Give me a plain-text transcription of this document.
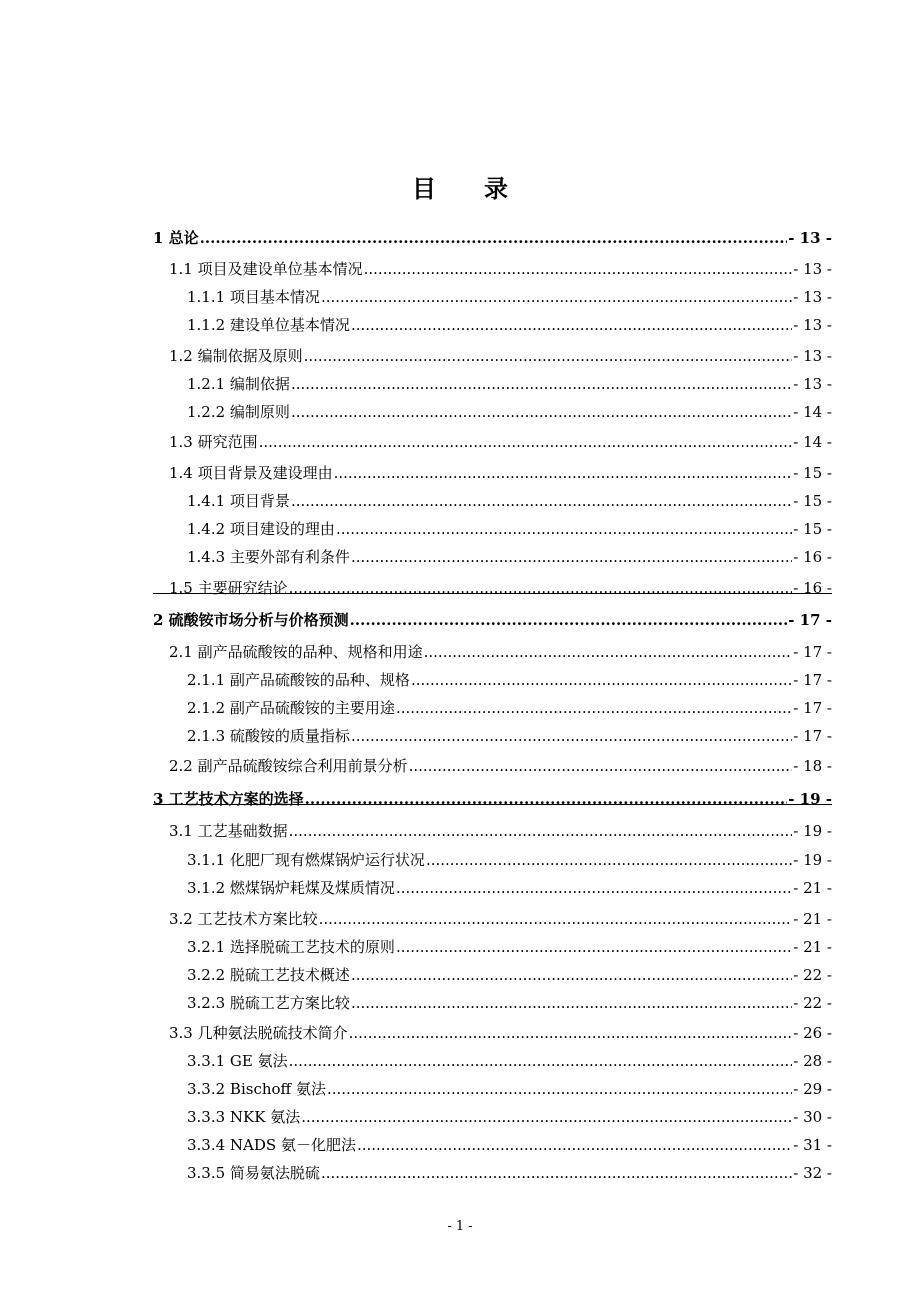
目 录
1 总论 .....	- 13 -
1.1 项目及建设单位基本情况 .....	- 13 -
1.1.1 项目基本情况 .....	- 13 -
1.1.2 建设单位基本情况 .....	- 13 -
1.2 编制依据及原则 .....	- 13 -
1.2.1 编制依据 .....	- 13 -
1.2.2 编制原则 .....	- 14 -
1.3 研究范围 .....	- 14 -
1.4 项目背景及建设理由 .....	- 15 -
1.4.1 项目背景 .....	- 15 -
1.4.2 项目建设的理由 .....	- 15 -
1.4.3 主要外部有利条件 .....	- 16 -
1.5 主要研究结论 .....	- 16 -
2 硫酸铵市场分析与价格预测 .....	- 17 -
2.1 副产品硫酸铵的品种、规格和用途 .....	- 17 -
2.1.1 副产品硫酸铵的品种、规格 .....	- 17 -
2.1.2 副产品硫酸铵的主要用途 .....	- 17 -
2.1.3 硫酸铵的质量指标 .....	- 17 -
2.2 副产品硫酸铵综合利用前景分析 .....	- 18 -
3 工艺技术方案的选择 .....	- 19 -
3.1 工艺基础数据 .....	- 19 -
3.1.1 化肥厂现有燃煤锅炉运行状况 .....	- 19 -
3.1.2 燃煤锅炉耗煤及煤质情况 .....	- 21 -
3.2 工艺技术方案比较 .....	- 21 -
3.2.1 选择脱硫工艺技术的原则 .....	- 21 -
3.2.2 脱硫工艺技术概述 .....	- 22 -
3.2.3 脱硫工艺方案比较 .....	- 22 -
3.3 几种氨法脱硫技术简介 .....	- 26 -
3.3.1 GE 氨法 .....	- 28 -
3.3.2 Bischoff 氨法 .....	- 29 -
3.3.3 NKK 氨法 .....	- 30 -
3.3.4 NADS 氨－化肥法 .....	- 31 -
3.3.5 简易氨法脱硫 .....	- 32 -
- 1 -
